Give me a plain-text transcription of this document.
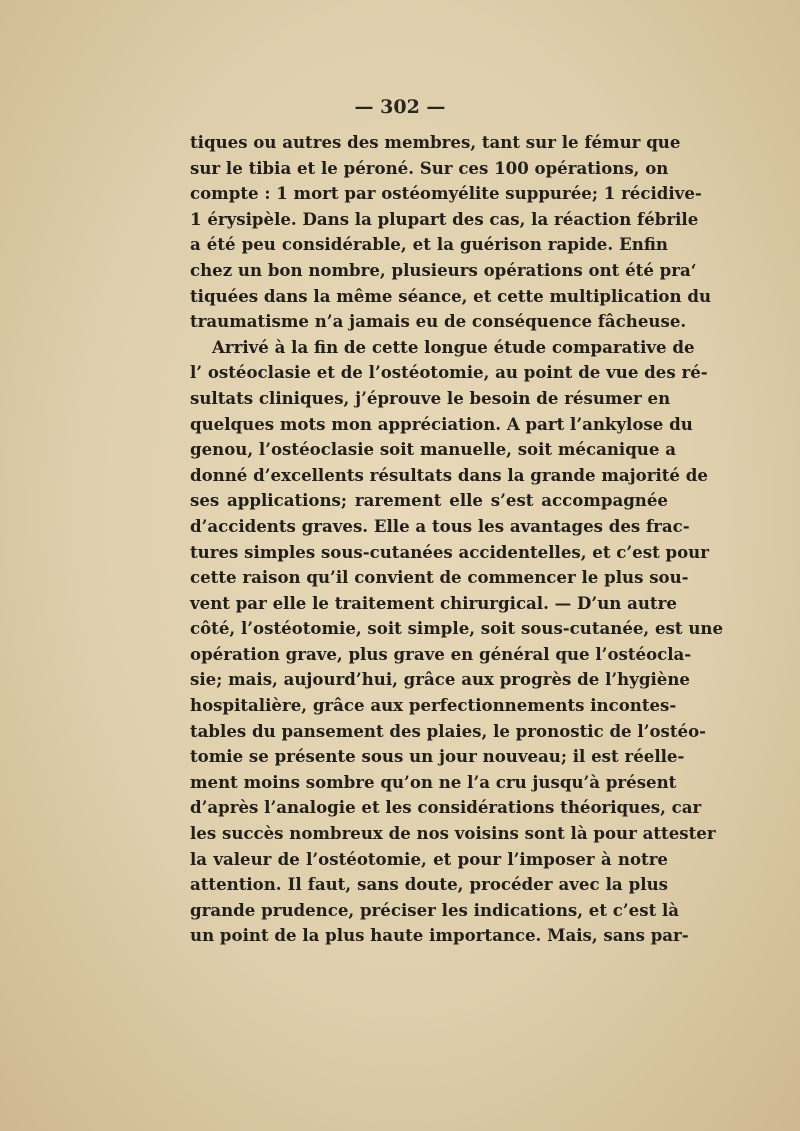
— 302 —
tiques ou autres des membres, tant sur le fémur que
sur le tibia et le péroné. Sur ces 100 opérations, on
compte : 1 mort par ostéomyélite suppurée; 1 récidive-
1 érysipèle. Dans la plupart des cas, la réaction fébrile
a été peu considérable, et la guérison rapide. Enfin
chez un bon nombre, plusieurs opérations ont été pra‘
tiquées dans la même séance, et cette multiplication du
traumatisme n’a jamais eu de conséquence fâcheuse.
Arrivé à la fin de cette longue étude comparative de
l’ ostéoclasie et de l’ostéotomie, au point de vue des ré-
sultats cliniques, j’éprouve le besoin de résumer en
quelques mots mon appréciation. A part l’ankylose du
genou, l’ostéoclasie soit manuelle, soit mécanique a
donné d’excellents résultats dans la grande majorité de
ses applications; rarement elle s’est accompagnée
d’accidents graves. Elle a tous les avantages des frac-
tures simples sous-cutanées accidentelles, et c’est pour
cette raison qu’il convient de commencer le plus sou-
vent par elle le traitement chirurgical. — D’un autre
côté, l’ostéotomie, soit simple, soit sous-cutanée, est une
opération grave, plus grave en général que l’ostéocla-
sie; mais, aujourd’hui, grâce aux progrès de l’hygiène
hospitalière, grâce aux perfectionnements incontes-
tables du pansement des plaies, le pronostic de l’ostéo-
tomie se présente sous un jour nouveau; il est réelle-
ment moins sombre qu’on ne l’a cru jusqu’à présent
d’après l’analogie et les considérations théoriques, car
les succès nombreux de nos voisins sont là pour attester
la valeur de l’ostéotomie, et pour l’imposer à notre
attention. Il faut, sans doute, procéder avec la plus
grande prudence, préciser les indications, et c’est là
un point de la plus haute importance. Mais, sans par-
